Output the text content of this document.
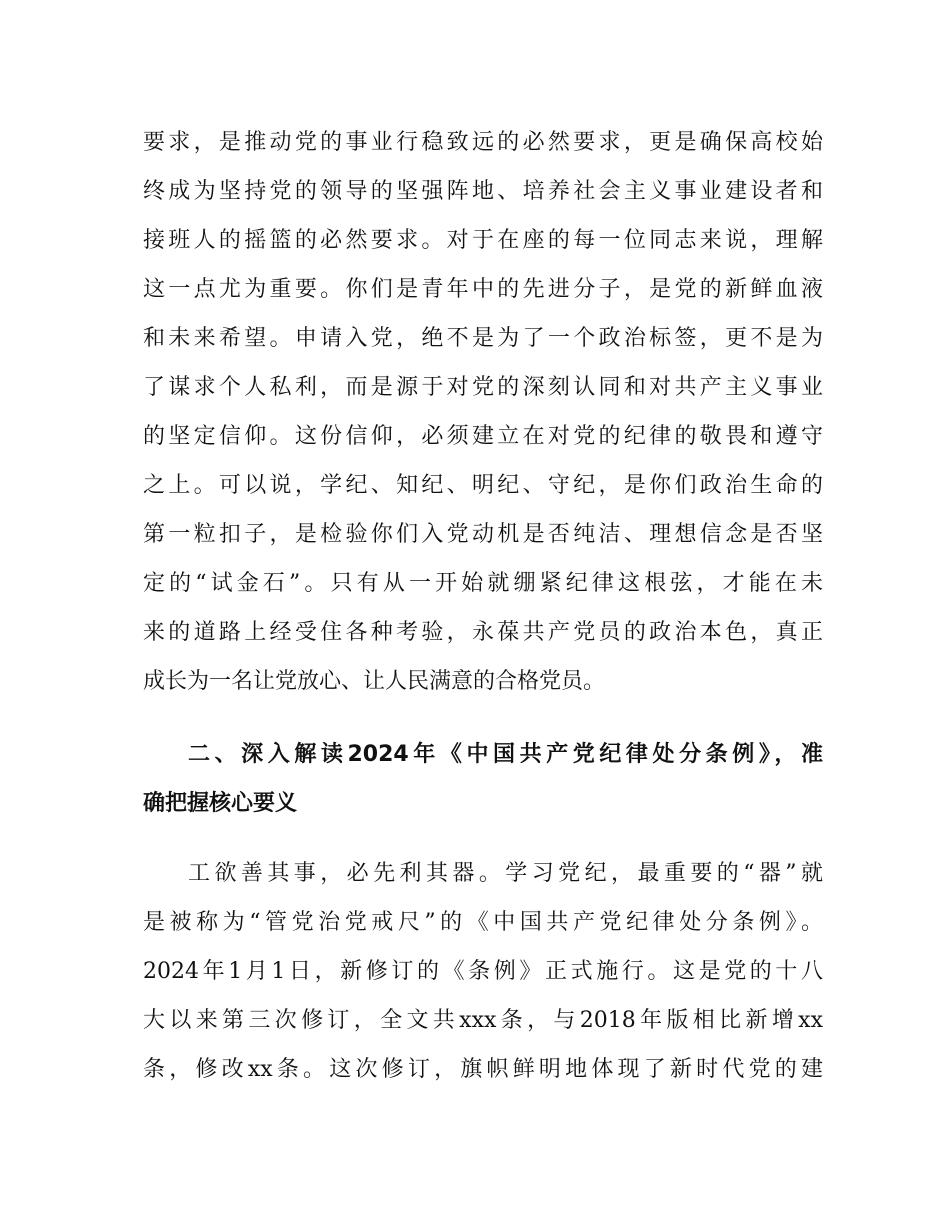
要求，是推动党的事业行稳致远的必然要求，更是确保高校始
终成为坚持党的领导的坚强阵地、培养社会主义事业建设者和
接班人的摇篮的必然要求。对于在座的每一位同志来说，理解
这一点尤为重要。你们是青年中的先进分子，是党的新鲜血液
和未来希望。申请入党，绝不是为了一个政治标签，更不是为
了谋求个人私利，而是源于对党的深刻认同和对共产主义事业
的坚定信仰。这份信仰，必须建立在对党的纪律的敬畏和遵守
之上。可以说，学纪、知纪、明纪、守纪，是你们政治生命的
第一粒扣子，是检验你们入党动机是否纯洁、理想信念是否坚
定的“试金石”。只有从一开始就绷紧纪律这根弦，才能在未
来的道路上经受住各种考验，永葆共产党员的政治本色，真正
成长为一名让党放心、让人民满意的合格党员。
二、深入解读2024年《中国共产党纪律处分条例》，准
确把握核心要义
工欲善其事，必先利其器。学习党纪，最重要的“器”就
是被称为“管党治党戒尺”的《中国共产党纪律处分条例》。
2024年1月1日，新修订的《条例》正式施行。这是党的十八
大以来第三次修订，全文共xxx条，与2018年版相比新增xx
条，修改xx条。这次修订，旗帜鲜明地体现了新时代党的建
